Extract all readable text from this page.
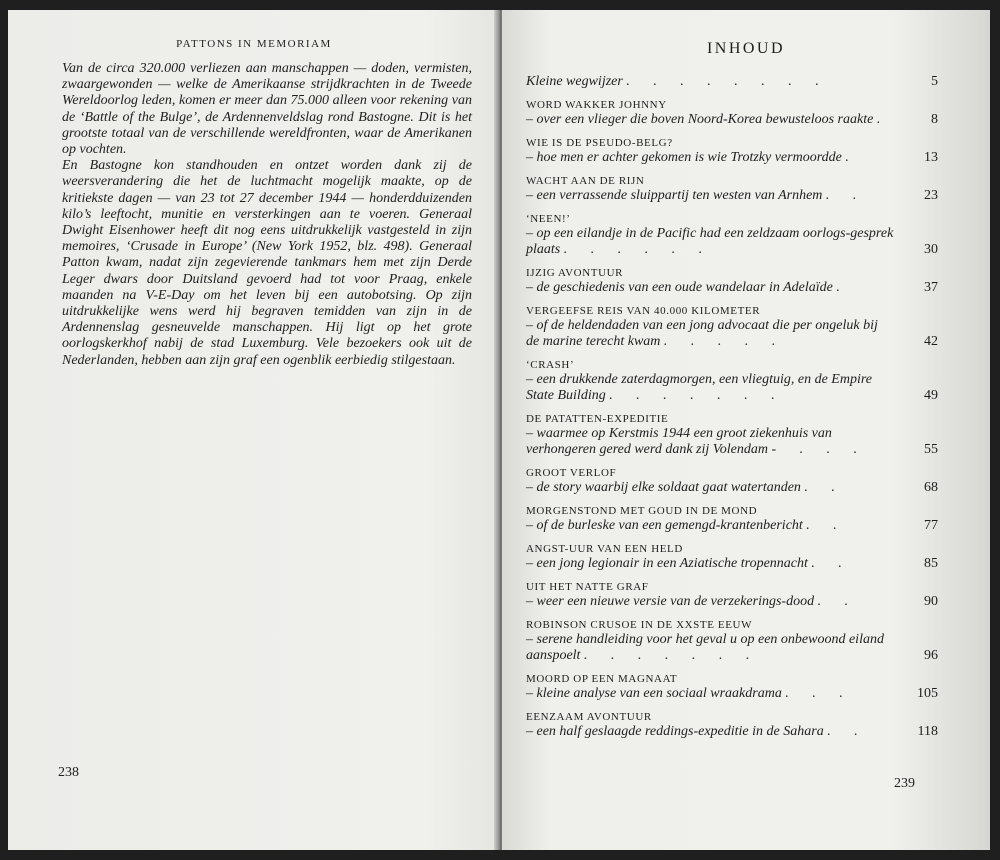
PATTONS IN MEMORIAM

Van de circa 320.000 verliezen aan manschappen — doden, vermisten, zwaargewonden — welke de Amerikaanse strijdkrachten in de Tweede Wereldoorlog leden, komen er meer dan 75.000 alleen voor rekening van de ‘Battle of the Bulge’, de Ardennenveldslag rond Bastogne. Dit is het grootste totaal van de verschillende wereldfronten, waar de Amerikanen op vochten.

En Bastogne kon standhouden en ontzet worden dank zij de weersverandering die het de luchtmacht mogelijk maakte, op de kritiekste dagen — van 23 tot 27 december 1944 — honderdduizenden kilo’s leeftocht, munitie en versterkingen aan te voeren. Generaal Dwight Eisenhower heeft dit nog eens uitdrukkelijk vastgesteld in zijn memoires, ‘Crusade in Europe’ (New York 1952, blz. 498). Generaal Patton kwam, nadat zijn zegevierende tankmars hem met zijn Derde Leger dwars door Duitsland gevoerd had tot voor Praag, enkele maanden na V-E-Day om het leven bij een autobotsing. Op zijn uitdrukkelijke wens werd hij begraven temidden van zijn in de Ardennenslag gesneuvelde manschappen. Hij ligt op het grote oorlogskerkhof nabij de stad Luxemburg. Vele bezoekers ook uit de Nederlanden, hebben aan zijn graf een ogenblik eerbiedig stilgestaan.

238
INHOUD
Kleine wegwijzer . . . . . . . .	5
WORD WAKKER JOHNNY
– over een vlieger die boven Noord-Korea bewusteloos raakte .	8
WIE IS DE PSEUDO-BELG?
– hoe men er achter gekomen is wie Trotzky vermoordde .	13
WACHT AAN DE RIJN
– een verrassende sluippartij ten westen van Arnhem . .	23
‘NEEN!’
– op een eilandje in de Pacific had een zeldzaam oorlogs-gesprek plaats . . . . . .	30
IJZIG AVONTUUR
– de geschiedenis van een oude wandelaar in Adelaïde .	37
VERGEEFSE REIS VAN 40.000 KILOMETER
– of de heldendaden van een jong advocaat die per ongeluk bij de marine terecht kwam . . . . .	42
‘CRASH’
– een drukkende zaterdagmorgen, een vliegtuig, en de Empire State Building . . . . . . .	49
DE PATATTEN-EXPEDITIE
– waarmee op Kerstmis 1944 een groot ziekenhuis van verhongeren gered werd dank zij Volendam - . . .	55
GROOT VERLOF
– de story waarbij elke soldaat gaat watertanden . .	68
MORGENSTOND MET GOUD IN DE MOND
– of de burleske van een gemengd-krantenbericht . .	77
ANGST-UUR VAN EEN HELD
– een jong legionair in een Aziatische tropennacht . .	85
UIT HET NATTE GRAF
– weer een nieuwe versie van de verzekerings-dood . .	90
ROBINSON CRUSOE IN DE XXSTE EEUW
– serene handleiding voor het geval u op een onbewoond eiland aanspoelt . . . . . . .	96
MOORD OP EEN MAGNAAT
– kleine analyse van een sociaal wraakdrama . . .	105
EENZAAM AVONTUUR
– een half geslaagde reddings-expeditie in de Sahara . .	118
239
